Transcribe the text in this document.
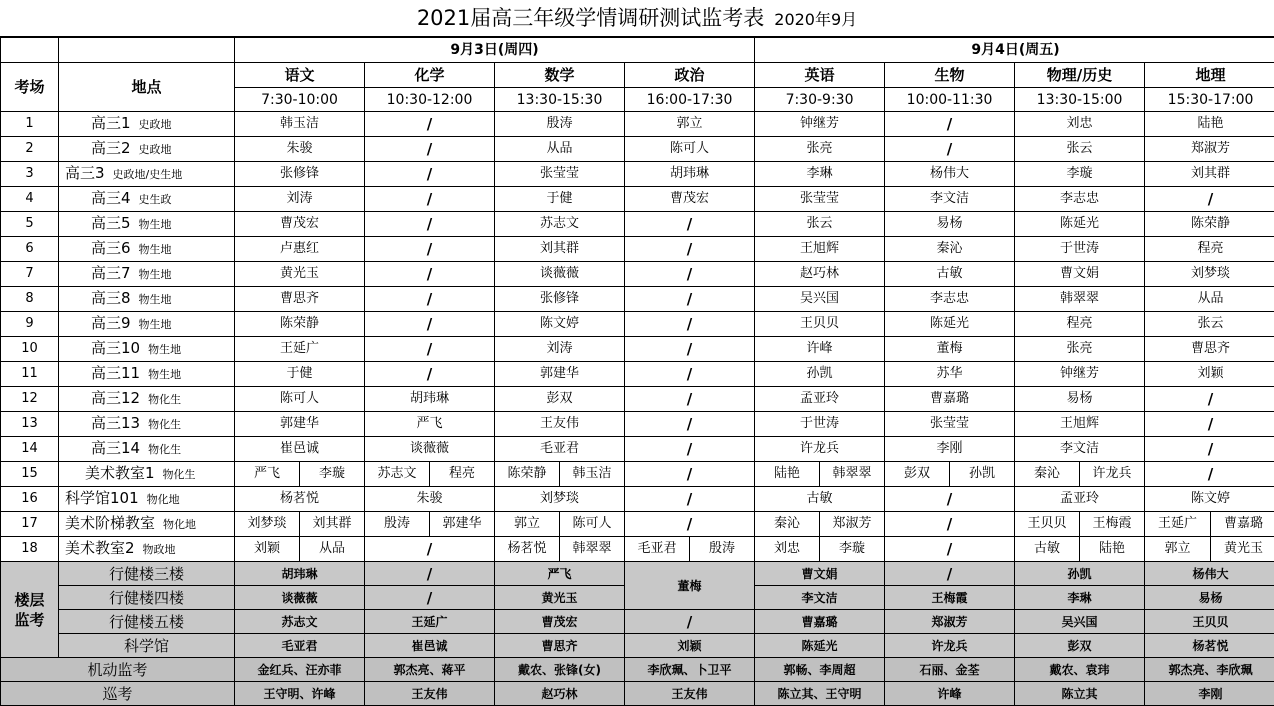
2021届高三年级学情调研测试监考表 2020年9月
		9月3日(周四)								9月4日(周五)							
考场	地点	语文		化学		数学		政治		英语		生物		物理/历史		地理	
		7:30-10:00		10:30-12:00		13:30-15:30		16:00-17:30		7:30-9:30		10:00-11:30		13:30-15:00		15:30-17:00	
1	高三1 史政地	韩玉洁		/		殷涛		郭立		钟继芳		/		刘忠		陆艳	
2	高三2 史政地	朱骏		/		从品		陈可人		张亮		/		张云		郑淑芳	
3	高三3 史政地/史生地	张修锋		/		张莹莹		胡玮琳		李琳		杨伟大		李璇		刘其群	
4	高三4 史生政	刘涛		/		于健		曹茂宏		张莹莹		李文洁		李志忠		/	
5	高三5 物生地	曹茂宏		/		苏志文		/		张云		易杨		陈延光		陈荣静	
6	高三6 物生地	卢惠红		/		刘其群		/		王旭辉		秦沁		于世涛		程亮	
7	高三7 物生地	黄光玉		/		谈薇薇		/		赵巧林		古敏		曹文娟		刘梦琰	
8	高三8 物生地	曹思齐		/		张修锋		/		吴兴国		李志忠		韩翠翠		从品	
9	高三9 物生地	陈荣静		/		陈文婷		/		王贝贝		陈延光		程亮		张云	
10	高三10 物生地	王延广		/		刘涛		/		许峰		董梅		张亮		曹思齐	
11	高三11 物生地	于健		/		郭建华		/		孙凯		苏华		钟继芳		刘颖	
12	高三12 物化生	陈可人		胡玮琳		彭双		/		孟亚玲		曹嘉璐		易杨		/	
13	高三13 物化生	郭建华		严飞		王友伟		/		于世涛		张莹莹		王旭辉		/	
14	高三14 物化生	崔邑诚		谈薇薇		毛亚君		/		许龙兵		李刚		李文洁		/	
15	美术教室1 物化生	严飞	李璇	苏志文	程亮	陈荣静	韩玉洁	/		陆艳	韩翠翠	彭双	孙凯	秦沁	许龙兵	/	
16	科学馆101 物化地	杨茗悦		朱骏		刘梦琰		/		古敏		/		孟亚玲		陈文婷	
17	美术阶梯教室 物化地	刘梦琰	刘其群	殷涛	郭建华	郭立	陈可人	/		秦沁	郑淑芳	/		王贝贝	王梅霞	王延广	曹嘉璐
18	美术教室2 物政地	刘颖	从品	/		杨茗悦	韩翠翠	毛亚君	殷涛	刘忠	李璇	/		古敏	陆艳	郭立	黄光玉
楼层监考	行健楼三楼	胡玮琳		/		严飞		董梅		曹文娟		/		孙凯		杨伟大	
	行健楼四楼	谈薇薇		/		黄光玉				李文洁		王梅霞		李琳		易杨	
	行健楼五楼	苏志文		王延广		曹茂宏		/		曹嘉璐		郑淑芳		吴兴国		王贝贝	
	科学馆	毛亚君		崔邑诚		曹思齐		刘颖		陈延光		许龙兵		彭双		杨茗悦	
机动监考		金红兵、汪亦菲		郭杰亮、蒋平		戴农、张锋(女)		李欣珮、卜卫平		郭畅、李周超		石丽、金荃		戴农、袁玮		郭杰亮、李欣珮	
巡考		王守明、许峰		王友伟		赵巧林		王友伟		陈立其、王守明		许峰		陈立其		李刚	
